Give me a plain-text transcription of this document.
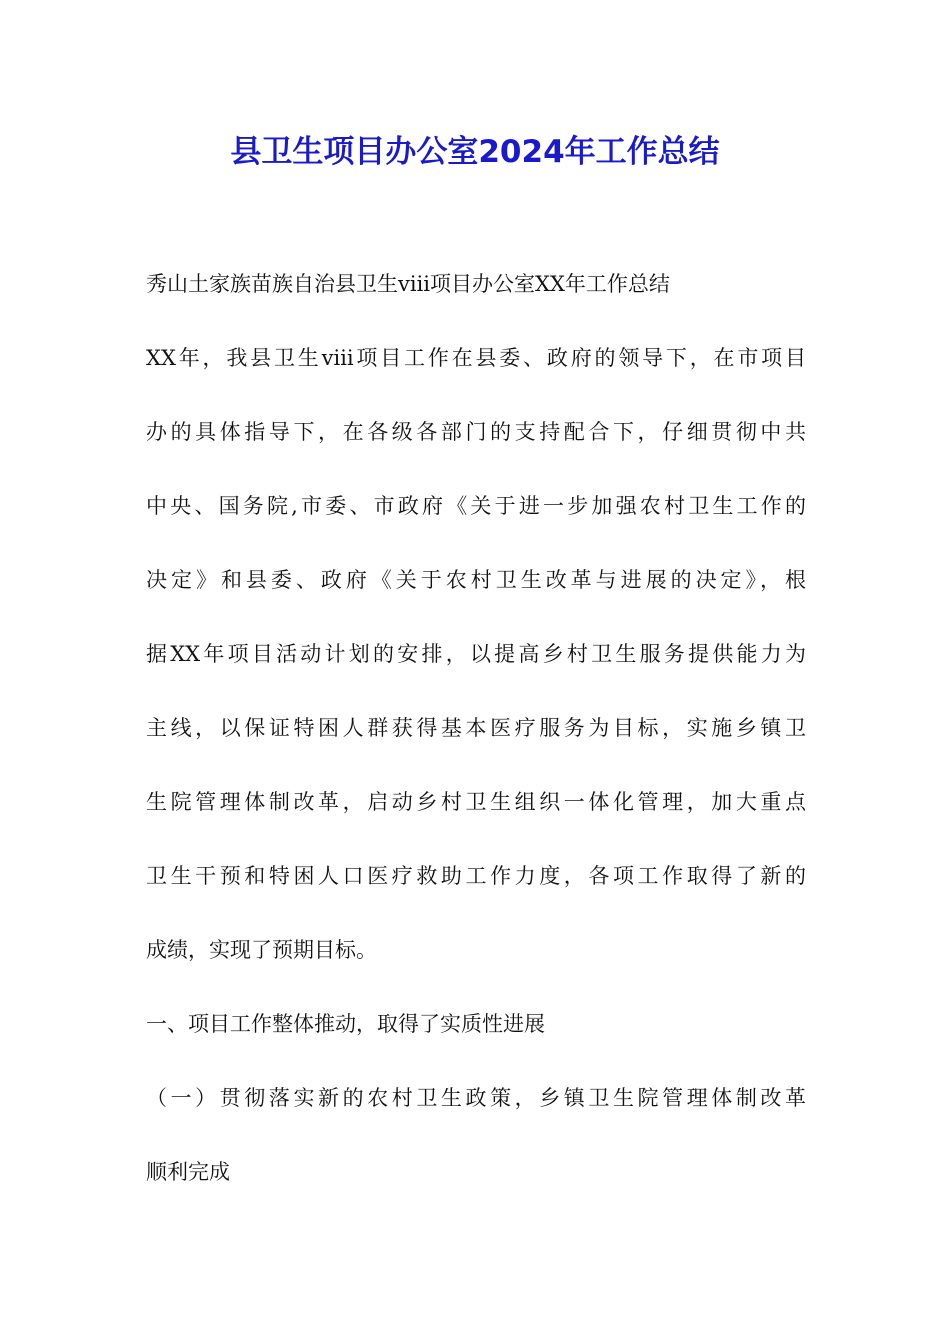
县卫生项目办公室2024年工作总结
秀山土家族苗族自治县卫生ⅷ项目办公室XX年工作总结
XX年，我县卫生ⅷ项目工作在县委、政府的领导下，在市项目
办的具体指导下，在各级各部门的支持配合下，仔细贯彻中共
中央、国务院,市委、市政府《关于进一步加强农村卫生工作的
决定》和县委、政府《关于农村卫生改革与进展的决定》，根
据XX年项目活动计划的安排，以提高乡村卫生服务提供能力为
主线，以保证特困人群获得基本医疗服务为目标，实施乡镇卫
生院管理体制改革，启动乡村卫生组织一体化管理，加大重点
卫生干预和特困人口医疗救助工作力度，各项工作取得了新的
成绩，实现了预期目标。
一、项目工作整体推动，取得了实质性进展
（一）贯彻落实新的农村卫生政策，乡镇卫生院管理体制改革
顺利完成
